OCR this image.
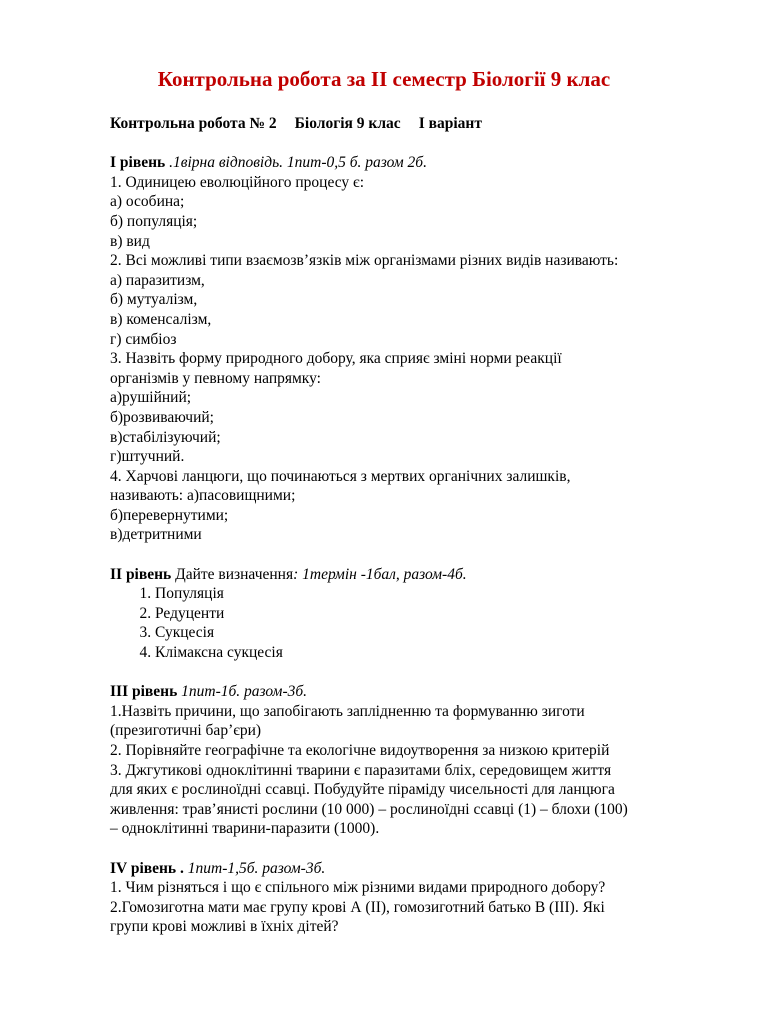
Контрольна робота за ІІ семестр Біології 9 клас
Контрольна робота № 2 Біологія 9 клас І варіант
І рівень .1вірна відповідь. 1пит-0,5 б. разом 2б.
1. Одиницею еволюційного процесу є:
а) особина;
б) популяція;
в) вид
2. Всі можливі типи взаємозв’язків між організмами різних видів називають:
а) паразитизм,
б) мутуалізм,
в) коменсалізм,
г) симбіоз
3. Назвіть форму природного добору, яка сприяє зміні норми реакції
організмів у певному напрямку:
а)рушійний;
б)розвиваючий;
в)стабілізуючий;
г)штучний.
4. Харчові ланцюги, що починаються з мертвих органічних залишків,
називають: а)пасовищними;
б)перевернутими;
в)детритними
ІІ рівень Дайте визначення: 1термін -1бал, разом-4б.
1. Популяція
2. Редуценти
3. Сукцесія
4. Клімаксна сукцесія
ІІІ рівень 1пит-1б. разом-3б.
1.Назвіть причини, що запобігають заплідненню та формуванню зиготи
(презиготичні бар’єри)
2. Порівняйте географічне та екологічне видоутворення за низкою критерій
3. Джгутикові одноклітинні тварини є паразитами бліх, середовищем життя
для яких є рослиноїдні ссавці. Побудуйте піраміду чисельності для ланцюга
живлення: трав’янисті рослини (10 000) – рослиноїдні ссавці (1) – блохи (100)
– одноклітинні тварини-паразити (1000).
IV рівень . 1пит-1,5б. разом-3б.
1. Чим різняться і що є спільного між різними видами природного добору?
2.Гомозиготна мати має групу крові А (ІІ), гомозиготний батько В (ІІІ). Які
групи крові можливі в їхніх дітей?
